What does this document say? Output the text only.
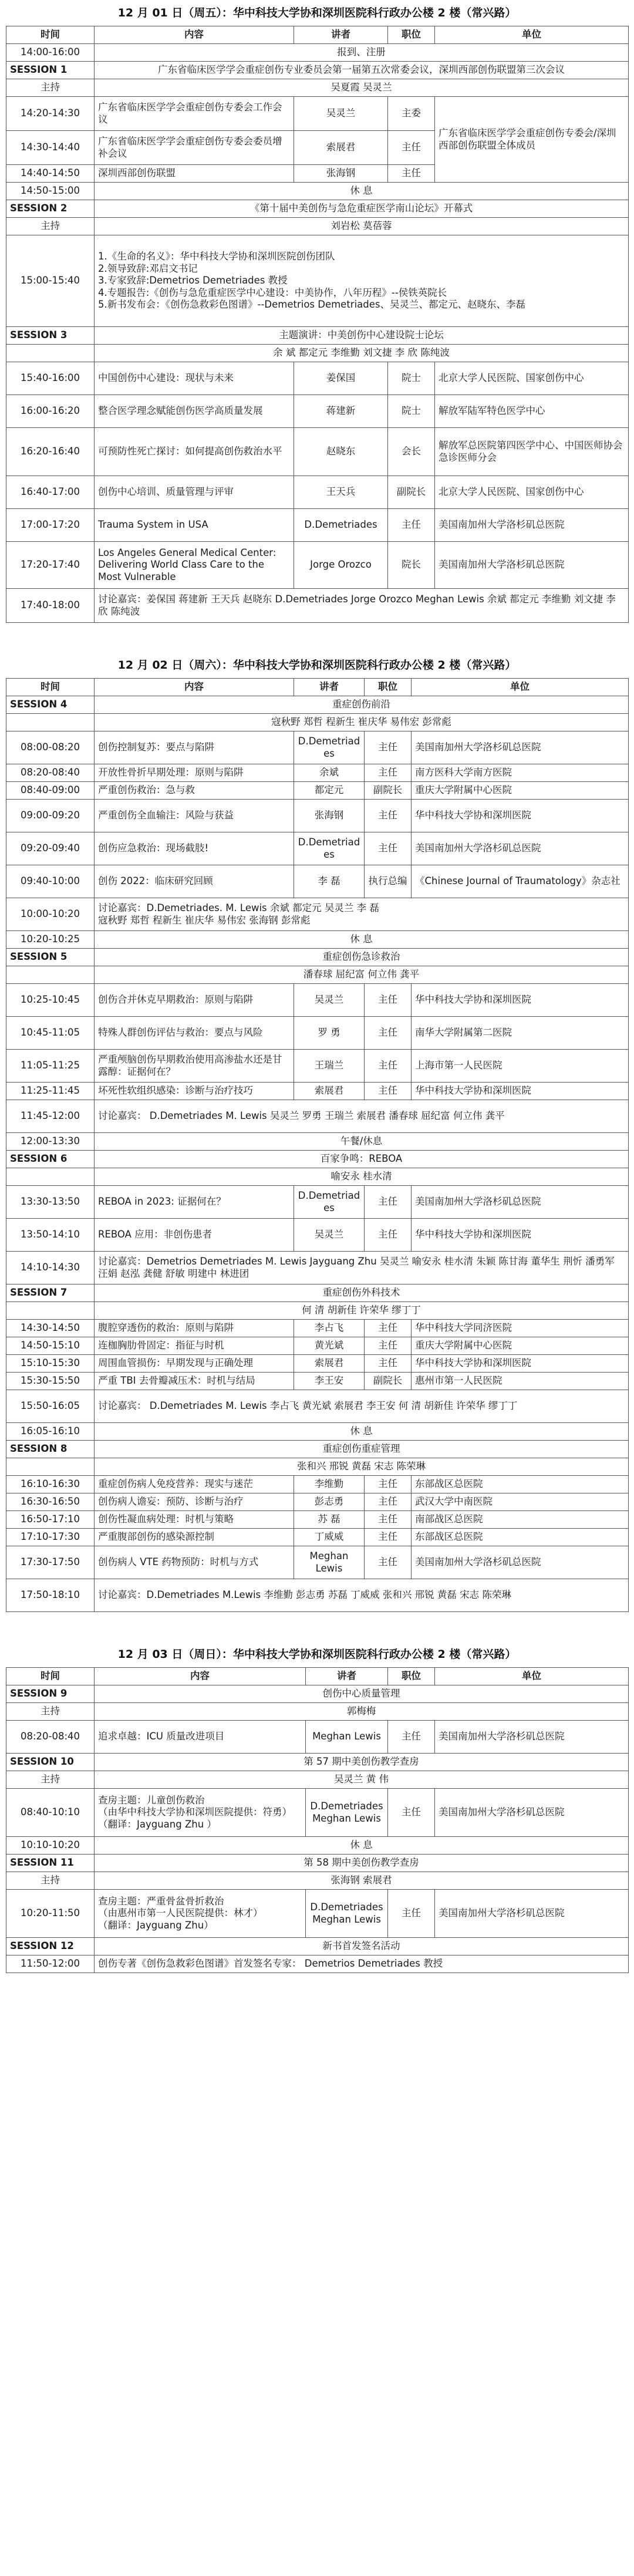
12 月 01 日（周五）：华中科技大学协和深圳医院科行政办公楼 2 楼（常兴路）
时间	内容	讲者	职位	单位
14:00-16:00	报到、注册			
SESSION 1	广东省临床医学学会重症创伤专业委员会第一届第五次常委会议，深圳西部创伤联盟第三次会议			
主持	吴夏霞 吴灵兰			
14:20-14:30	广东省临床医学学会重症创伤专委会工作会议	吴灵兰	主委	广东省临床医学学会重症创伤专委会/深圳西部创伤联盟全体成员
14:30-14:40	广东省临床医学学会重症创伤专委会委员增补会议	索展君	主任	
14:40-14:50	深圳西部创伤联盟	张海钢	主任	
14:50-15:00	休 息			
SESSION 2	《第十届中美创伤与急危重症医学南山论坛》开幕式			
主持	刘岩松 莫蓓蓉			
15:00-15:40	1.《生命的名义》：华中科技大学协和深圳医院创伤团队
2.领导致辞:邓启文书记
3.专家致辞:Demetrios Demetriades 教授
4.专题报告:《创伤与急危重症医学中心建设：中美协作，八年历程》--侯铁英院长
5.新书发布会：《创伤急救彩色图谱》--Demetrios Demetriades、吴灵兰、都定元、赵晓东、李磊			
SESSION 3	主题演讲：中美创伤中心建设院士论坛			
	余 斌 都定元 李维勤 刘文捷 李 欣 陈纯波			
15:40-16:00	中国创伤中心建设：现状与未来	姜保国	院士	北京大学人民医院、国家创伤中心
16:00-16:20	整合医学理念赋能创伤医学高质量发展	蒋建新	院士	解放军陆军特色医学中心
16:20-16:40	可预防性死亡探讨：如何提高创伤救治水平	赵晓东	会长	解放军总医院第四医学中心、中国医师协会急诊医师分会
16:40-17:00	创伤中心培训、质量管理与评审	王天兵	副院长	北京大学人民医院、国家创伤中心
17:00-17:20	Trauma System in USA	D.Demetriades	主任	美国南加州大学洛杉矶总医院
17:20-17:40	Los Angeles General Medical Center: Delivering World Class Care to the Most Vulnerable	Jorge Orozco	院长	美国南加州大学洛杉矶总医院
17:40-18:00	讨论嘉宾：姜保国 蒋建新 王天兵 赵晓东 D.Demetriades Jorge Orozco Meghan Lewis 余斌 都定元 李维勤 刘文捷 李欣 陈纯波			
12 月 02 日（周六）：华中科技大学协和深圳医院科行政办公楼 2 楼（常兴路）
时间	内容	讲者	职位	单位
SESSION 4	重症创伤前沿			
	寇秋野 郑哲 程新生 崔庆华 易伟宏 彭常彪			
08:00-08:20	创伤控制复苏：要点与陷阱	D.Demetriades	主任	美国南加州大学洛杉矶总医院
08:20-08:40	开放性骨折早期处理：原则与陷阱	余斌	主任	南方医科大学南方医院
08:40-09:00	严重创伤救治：急与救	都定元	副院长	重庆大学附属中心医院
09:00-09:20	严重创伤全血输注：风险与获益	张海钢	主任	华中科技大学协和深圳医院
09:20-09:40	创伤应急救治：现场截肢!	D.Demetriades	主任	美国南加州大学洛杉矶总医院
09:40-10:00	创伤 2022：临床研究回顾	李 磊	执行总编	《Chinese Journal of Traumatology》杂志社
10:00-10:20	讨论嘉宾：D.Demetriades. M. Lewis 余斌 都定元 吴灵兰 李 磊
寇秋野 郑哲 程新生 崔庆华 易伟宏 张海钢 彭常彪			
10:20-10:25	休 息			
SESSION 5	重症创伤急诊救治			
	潘春球 屈纪富 何立伟 龚平			
10:25-10:45	创伤合并休克早期救治：原则与陷阱	吴灵兰	主任	华中科技大学协和深圳医院
10:45-11:05	特殊人群创伤评估与救治：要点与风险	罗 勇	主任	南华大学附属第二医院
11:05-11:25	严重颅脑创伤早期救治使用高渗盐水还是甘露醇：证据何在？	王瑞兰	主任	上海市第一人民医院
11:25-11:45	坏死性软组织感染：诊断与治疗技巧	索展君	主任	华中科技大学协和深圳医院
11:45-12:00	讨论嘉宾： D.Demetriades M. Lewis 吴灵兰 罗勇 王瑞兰 索展君 潘春球 屈纪富 何立伟 龚平			
12:00-13:30	午餐/休息			
SESSION 6	百家争鸣：REBOA			
	喻安永 桂水清			
13:30-13:50	REBOA in 2023: 证据何在？	D.Demetriades	主任	美国南加州大学洛杉矶总医院
13:50-14:10	REBOA 应用：非创伤患者	吴灵兰	主任	华中科技大学协和深圳医院
14:10-14:30	讨论嘉宾：Demetrios Demetriades M. Lewis Jayguang Zhu 吴灵兰 喻安永 桂水清 朱颖 陈甘海 董华生 荆忻 潘勇军 汪娟 赵泓 龚健 舒敏 明建中 林进团			
SESSION 7	重症创伤外科技术			
	何 清 胡新佳 许荣华 缪丁丁			
14:30-14:50	腹腔穿透伤的救治：原则与陷阱	李占飞	主任	华中科技大学同济医院
14:50-15:10	连枷胸肋骨固定：指征与时机	黄光斌	主任	重庆大学附属中心医院
15:10-15:30	周围血管损伤：早期发现与正确处理	索展君	主任	华中科技大学协和深圳医院
15:30-15:50	严重 TBI 去骨瓣减压术：时机与结局	李王安	副院长	惠州市第一人民医院
15:50-16:05	讨论嘉宾： D.Demetriades M. Lewis 李占飞 黄光斌 索展君 李王安 何 清 胡新佳 许荣华 缪丁丁			
16:05-16:10	休 息			
SESSION 8	重症创伤重症管理			
	张和兴 邢锐 黄磊 宋志 陈荣琳			
16:10-16:30	重症创伤病人免疫营养：现实与迷茫	李维勤	主任	东部战区总医院
16:30-16:50	创伤病人谵妄：预防、诊断与治疗	彭志勇	主任	武汉大学中南医院
16:50-17:10	创伤性凝血病处理：时机与策略	苏 磊	主任	南部战区总医院
17:10-17:30	严重腹部创伤的感染源控制	丁威威	主任	东部战区总医院
17:30-17:50	创伤病人 VTE 药物预防：时机与方式	Meghan Lewis	主任	美国南加州大学洛杉矶总医院
17:50-18:10	讨论嘉宾：D.Demetriades M.Lewis 李维勤 彭志勇 苏磊 丁威威 张和兴 邢锐 黄磊 宋志 陈荣琳			
12 月 03 日（周日）：华中科技大学协和深圳医院科行政办公楼 2 楼（常兴路）
时间	内容	讲者	职位	单位
SESSION 9	创伤中心质量管理			
主持	郭梅梅			
08:20-08:40	追求卓越：ICU 质量改进项目	Meghan Lewis	主任	美国南加州大学洛杉矶总医院
SESSION 10	第 57 期中美创伤教学查房			
主持	吴灵兰 黄 伟			
08:40-10:10	查房主题：儿童创伤救治
（由华中科技大学协和深圳医院提供：符勇）
（翻译：Jayguang Zhu ）	D.Demetriades
Meghan Lewis	主任	美国南加州大学洛杉矶总医院
10:10-10:20	休 息			
SESSION 11	第 58 期中美创伤教学查房			
主持	张海钢 索展君			
10:20-11:50	查房主题：严重骨盆骨折救治
（由惠州市第一人民医院提供：林才）
（翻译：Jayguang Zhu）	D.Demetriades
Meghan Lewis	主任	美国南加州大学洛杉矶总医院
SESSION 12	新书首发签名活动			
11:50-12:00	创伤专著《创伤急救彩色图谱》首发签名专家： Demetrios Demetriades 教授			
